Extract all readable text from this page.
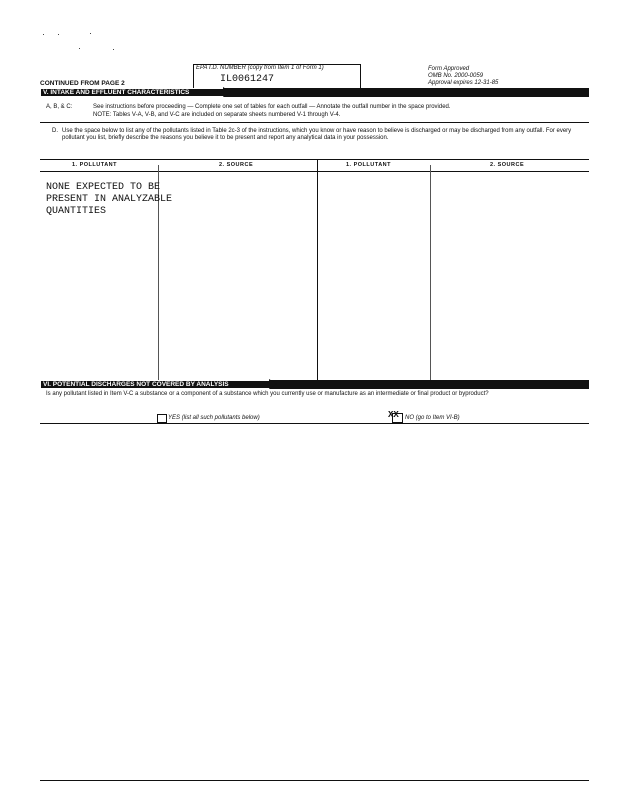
EPA I.D. NUMBER (copy from Item 1 of Form 1)
IL0061247
Form Approved
OMB No. 2000-0059
Approval expires 12-31-85
CONTINUED FROM PAGE 2
V. INTAKE AND EFFLUENT CHARACTERISTICS
A, B, & C:	See instructions before proceeding — Complete one set of tables for each outfall — Annotate the outfall number in the space provided.
NOTE: Tables V-A, V-B, and V-C are included on separate sheets numbered V-1 through V-4.
D. Use the space below to list any of the pollutants listed in Table 2c-3 of the instructions, which you know or have reason to believe is discharged or may be discharged from any outfall. For every pollutant you list, briefly describe the reasons you believe it to be present and report any analytical data in your possession.
1. POLLUTANT	2. SOURCE	1. POLLUTANT	2. SOURCE
NONE EXPECTED TO BE
PRESENT IN ANALYZABLE
QUANTITIES
VI. POTENTIAL DISCHARGES NOT COVERED BY ANALYSIS
Is any pollutant listed in Item V-C a substance or a component of a substance which you currently use or manufacture as an intermediate or final product or byproduct?
YES (list all such pollutants below)	XX NO (go to Item VI-B)
